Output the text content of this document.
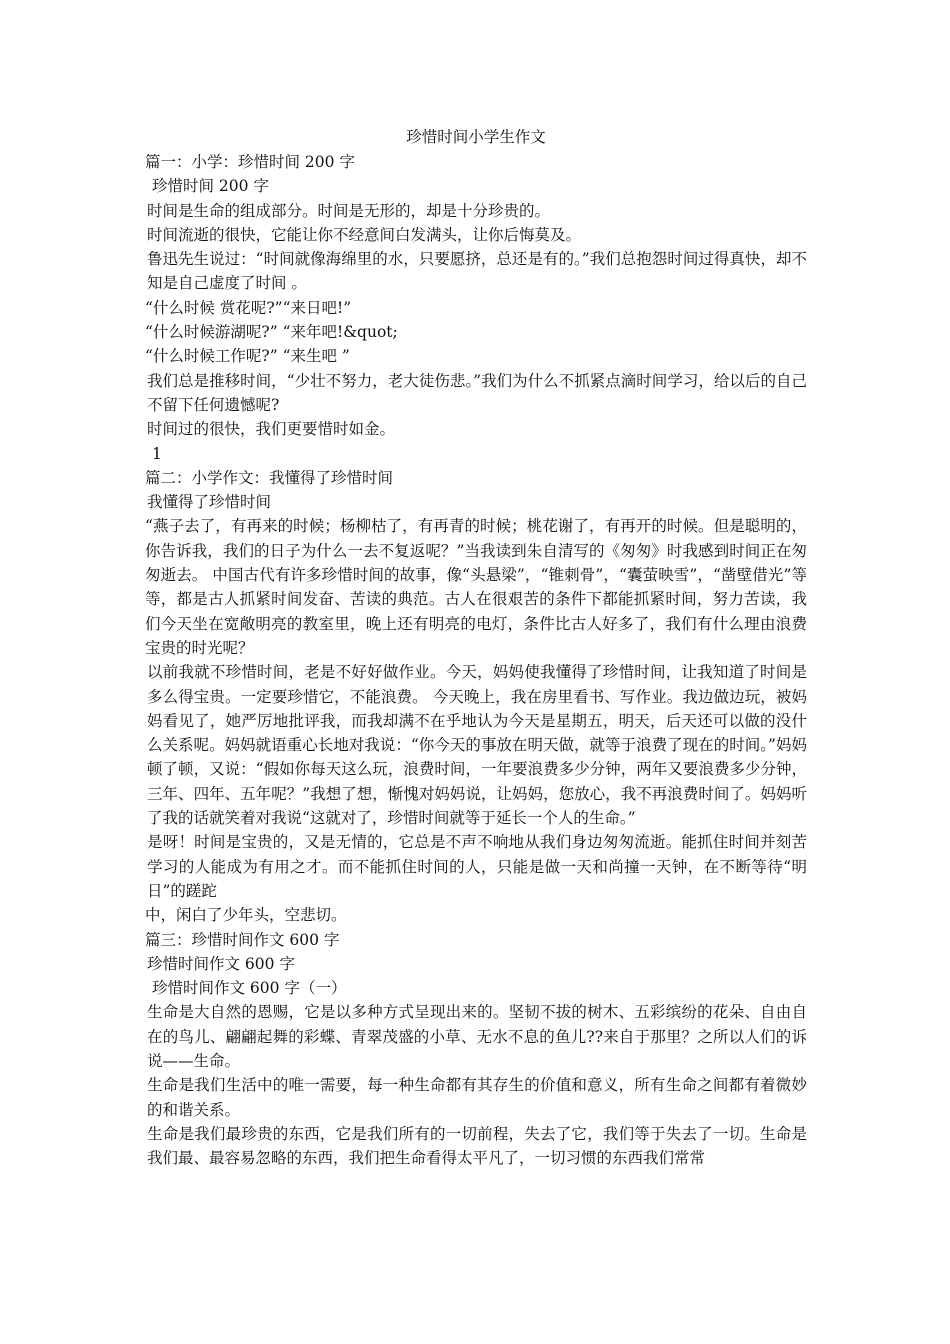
珍惜时间小学生作文
篇一：小学：珍惜时间 200 字
珍惜时间 200 字
时间是生命的组成部分。时间是无形的，却是十分珍贵的。
时间流逝的很快，它能让你不经意间白发满头，让你后悔莫及。
鲁迅先生说过：“时间就像海绵里的水，只要愿挤，总还是有的。”我们总抱怨时间过得真快，却不知是自己虚度了时间 。
“什么时候 赏花呢?”“来日吧!”
“什么时候游湖呢?” “来年吧!&quot;
“什么时候工作呢?” “来生吧 ”
我们总是推移时间，“少壮不努力，老大徒伤悲。”我们为什么不抓紧点滴时间学习，给以后的自己不留下任何遗憾呢?
时间过的很快，我们更要惜时如金。
1
篇二：小学作文：我懂得了珍惜时间
我懂得了珍惜时间
“燕子去了，有再来的时候；杨柳枯了，有再青的时候；桃花谢了，有再开的时候。但是聪明的，你告诉我，我们的日子为什么一去不复返呢？”当我读到朱自清写的《匆匆》时我感到时间正在匆匆逝去。 中国古代有许多珍惜时间的故事，像“头悬梁”，“锥刺骨”，“囊萤映雪”，“凿壁借光”等等，都是古人抓紧时间发奋、苦读的典范。古人在很艰苦的条件下都能抓紧时间，努力苦读，我们今天坐在宽敞明亮的教室里，晚上还有明亮的电灯，条件比古人好多了，我们有什么理由浪费宝贵的时光呢？
以前我就不珍惜时间，老是不好好做作业。今天，妈妈使我懂得了珍惜时间，让我知道了时间是多么得宝贵。一定要珍惜它，不能浪费。 今天晚上，我在房里看书、写作业。我边做边玩，被妈妈看见了，她严厉地批评我，而我却满不在乎地认为今天是星期五，明天，后天还可以做的没什么关系呢。妈妈就语重心长地对我说：“你今天的事放在明天做，就等于浪费了现在的时间。”妈妈顿了顿，又说：“假如你每天这么玩，浪费时间，一年要浪费多少分钟，两年又要浪费多少分钟，三年、四年、五年呢？”我想了想，惭愧对妈妈说，让妈妈，您放心，我不再浪费时间了。妈妈听了我的话就笑着对我说“这就对了，珍惜时间就等于延长一个人的生命。”
是呀！时间是宝贵的，又是无情的，它总是不声不响地从我们身边匆匆流逝。能抓住时间并刻苦学习的人能成为有用之才。而不能抓住时间的人，只能是做一天和尚撞一天钟，在不断等待“明日”的蹉跎
中，闲白了少年头，空悲切。
篇三：珍惜时间作文 600 字
珍惜时间作文 600 字
珍惜时间作文 600 字（一）
生命是大自然的恩赐，它是以多种方式呈现出来的。坚韧不拔的树木、五彩缤纷的花朵、自由自在的鸟儿、翩翩起舞的彩蝶、青翠茂盛的小草、无水不息的鱼儿??来自于那里？之所以人们的诉说——生命。
生命是我们生活中的唯一需要，每一种生命都有其存生的价值和意义，所有生命之间都有着微妙的和谐关系。
生命是我们最珍贵的东西，它是我们所有的一切前程，失去了它，我们等于失去了一切。生命是我们最、最容易忽略的东西，我们把生命看得太平凡了，一切习惯的东西我们常常
